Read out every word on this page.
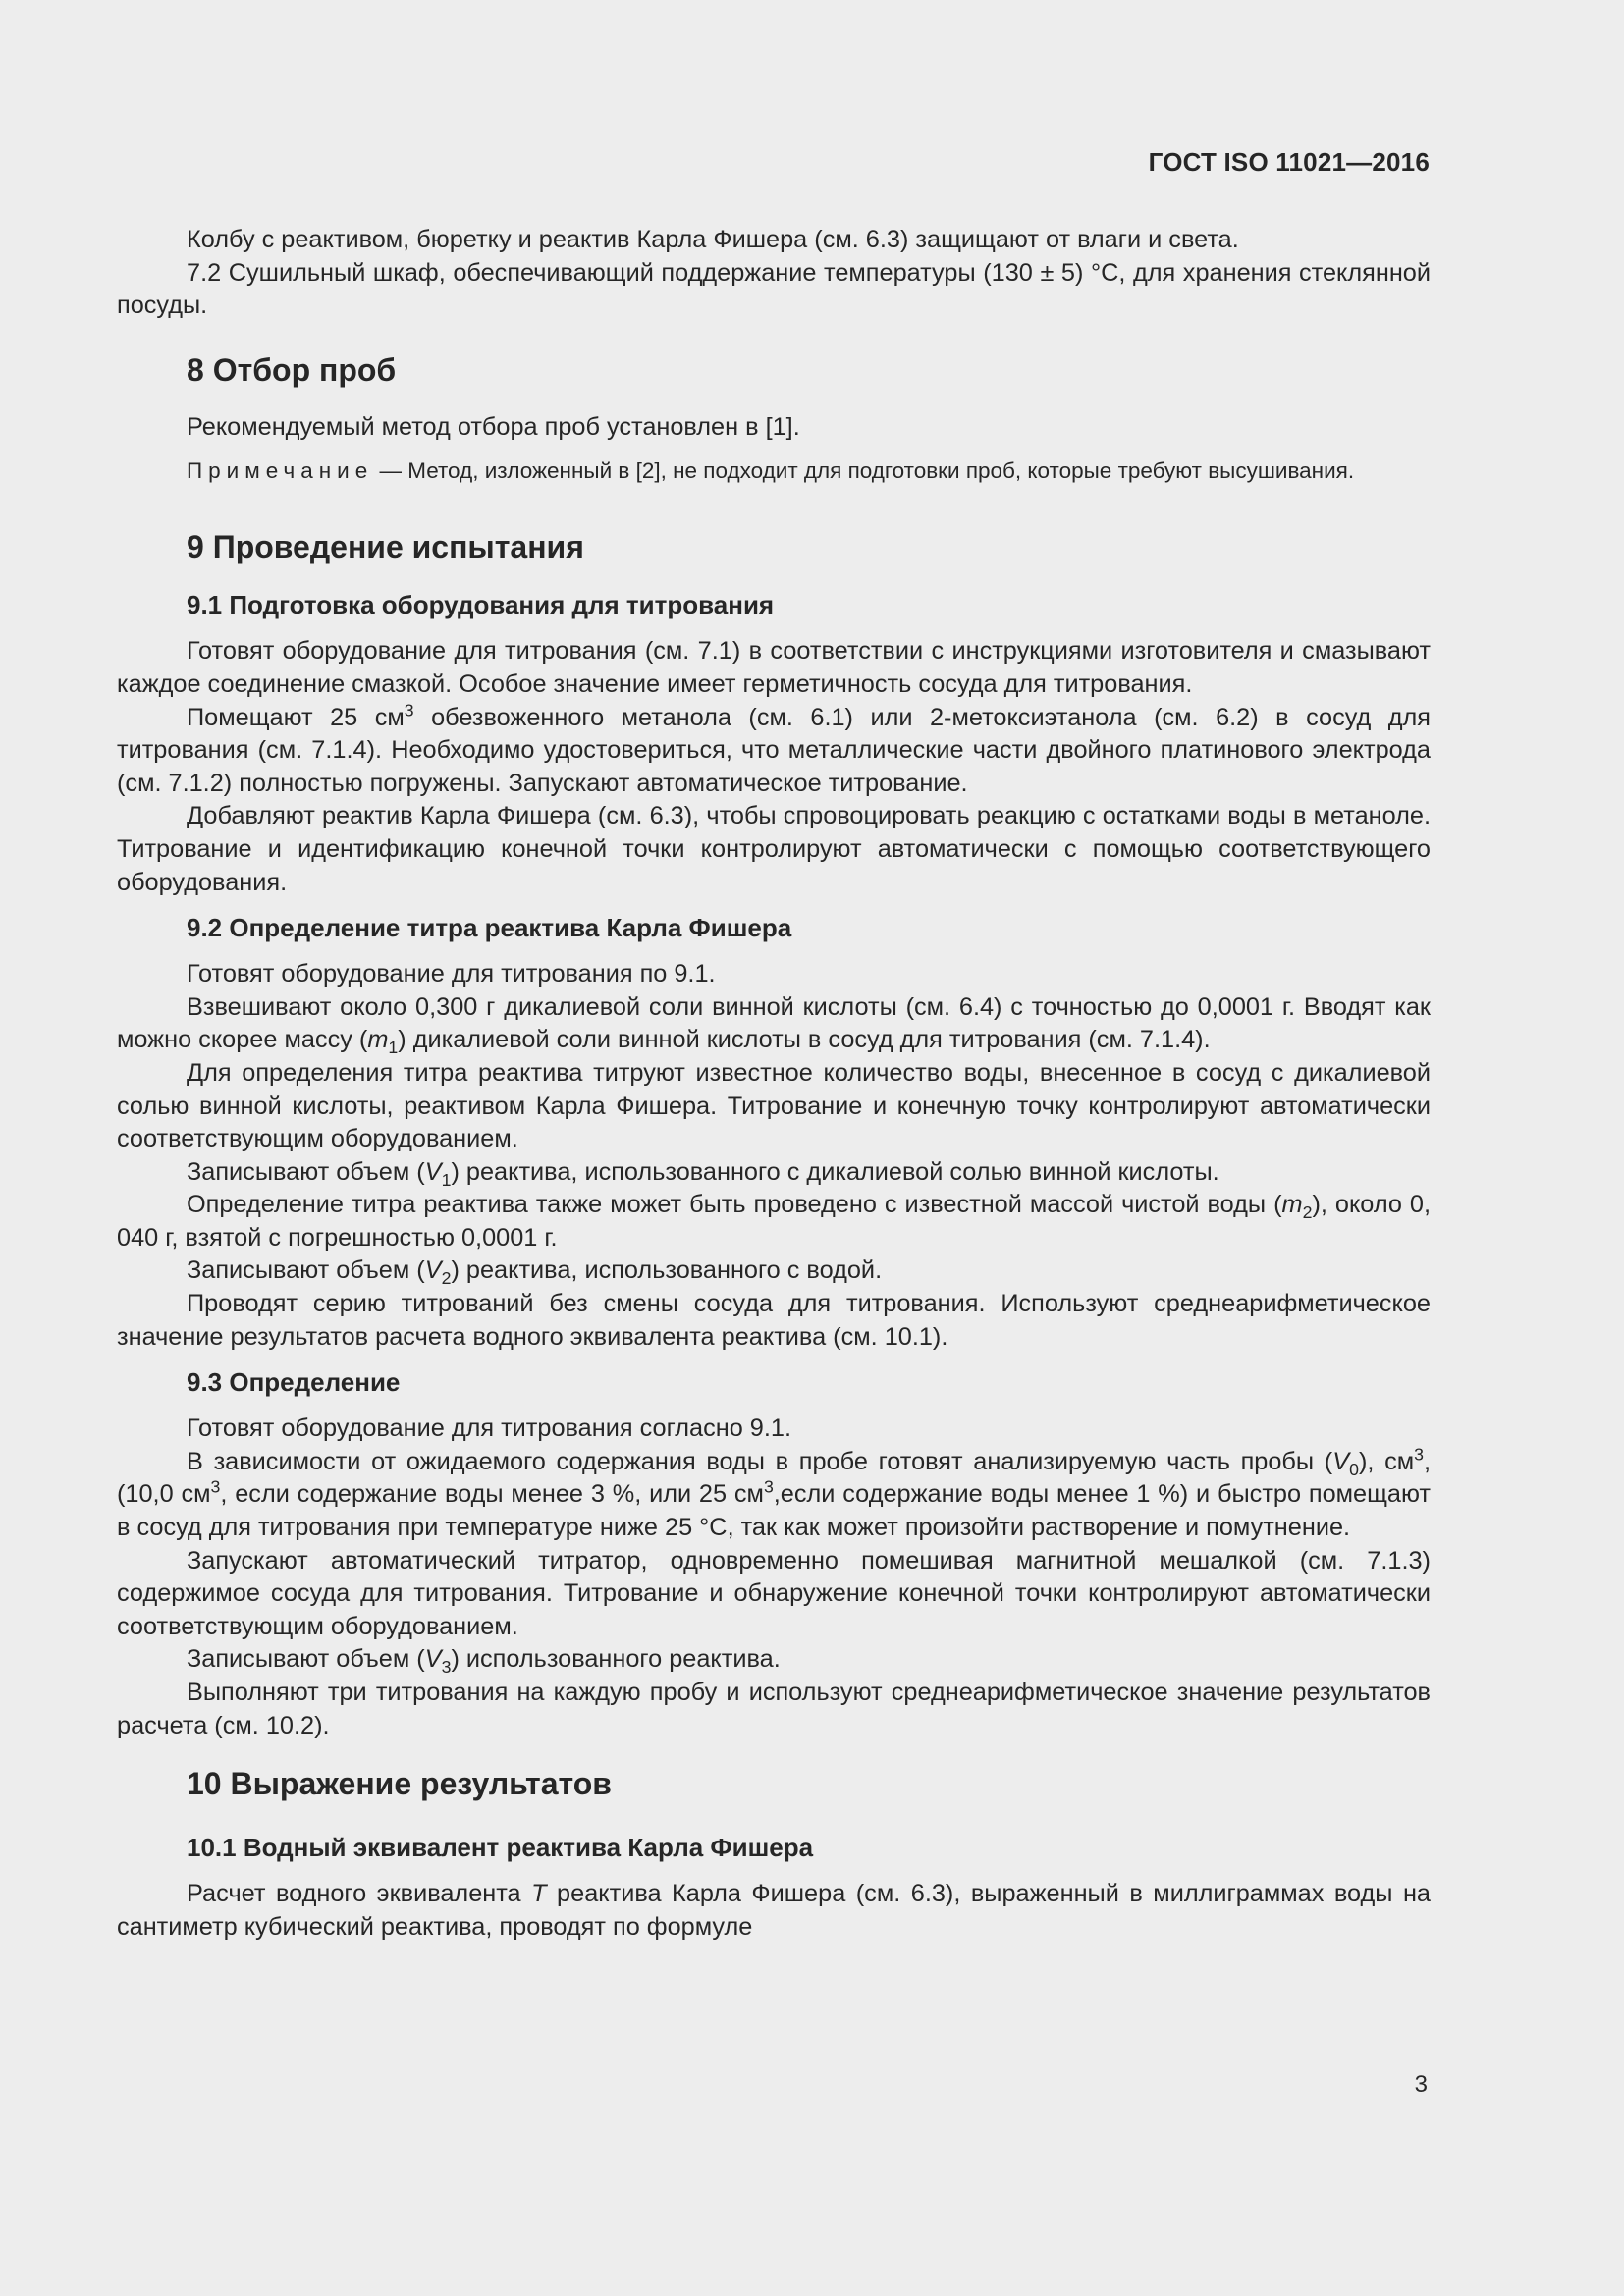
ГОСТ ISO 11021—2016

Колбу с реактивом, бюретку и реактив Карла Фишера (см. 6.3) защищают от влаги и света.

7.2 Сушильный шкаф, обеспечивающий поддержание температуры (130 ± 5) °С, для хранения стеклянной посуды.

8 Отбор проб

Рекомендуемый метод отбора проб установлен в [1].

Примечание — Метод, изложенный в [2], не подходит для подготовки проб, которые требуют высушивания.

9 Проведение испытания
9.1 Подготовка оборудования для титрования

Готовят оборудование для титрования (см. 7.1) в соответствии с инструкциями изготовителя и смазывают каждое соединение смазкой. Особое значение имеет герметичность сосуда для титрования.

Помещают 25 $см^3$ обезвоженного метанола (см. 6.1) или 2-метоксиэтанола (см. 6.2) в сосуд для титрования (см. 7.1.4). Необходимо удостовериться, что металлические части двойного платинового электрода (см. 7.1.2) полностью погружены. Запускают автоматическое титрование.

Добавляют реактив Карла Фишера (см. 6.3), чтобы спровоцировать реакцию с остатками воды в метаноле. Титрование и идентификацию конечной точки контролируют автоматически с помощью соответствующего оборудования.

9.2 Определение титра реактива Карла Фишера

Готовят оборудование для титрования по 9.1.

Взвешивают около 0,300 г дикалиевой соли винной кислоты (см. 6.4) с точностью до 0,0001 г. Вводят как можно скорее массу $(m_1)$ дикалиевой соли винной кислоты в сосуд для титрования (см. 7.1.4).

Для определения титра реактива титруют известное количество воды, внесенное в сосуд с дикалиевой солью винной кислоты, реактивом Карла Фишера. Титрование и конечную точку контролируют автоматически соответствующим оборудованием.

Записывают объем $(V_1)$ реактива, использованного с дикалиевой солью винной кислоты.

Определение титра реактива также может быть проведено с известной массой чистой воды $(m_2)$, около 0, 040 г, взятой с погрешностью 0,0001 г.

Записывают объем $(V_2)$ реактива, использованного с водой.

Проводят серию титрований без смены сосуда для титрования. Используют среднеарифметическое значение результатов расчета водного эквивалента реактива (см. 10.1).

9.3 Определение

Готовят оборудование для титрования согласно 9.1.

В зависимости от ожидаемого содержания воды в пробе готовят анализируемую часть пробы $(V_0)$, $см^3$, (10,0 $см^3$, если содержание воды менее 3 %, или 25 $см^3,если$ содержание воды менее 1 %) и быстро помещают в сосуд для титрования при температуре ниже 25 °С, так как может произойти растворение и помутнение.

Запускают автоматический титратор, одновременно помешивая магнитной мешалкой (см. 7.1.3) содержимое сосуда для титрования. Титрование и обнаружение конечной точки контролируют автоматически соответствующим оборудованием.

Записывают объем $(V_3)$ использованного реактива.

Выполняют три титрования на каждую пробу и используют среднеарифметическое значение результатов расчета (см. 10.2).

10 Выражение результатов
10.1 Водный эквивалент реактива Карла Фишера

Расчет водного эквивалента T реактива Карла Фишера (см. 6.3), выраженный в миллиграммах воды на сантиметр кубический реактива, проводят по формуле

3
